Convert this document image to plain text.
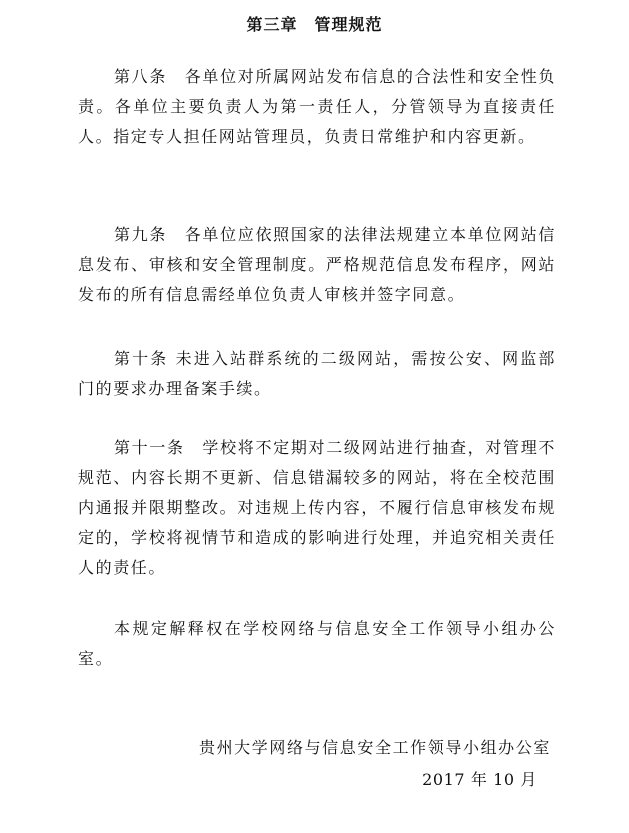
第三章　管理规范

第八条　各单位对所属网站发布信息的合法性和安全性负责。各单位主要负责人为第一责任人，分管领导为直接责任人。指定专人担任网站管理员，负责日常维护和内容更新。

第九条　各单位应依照国家的法律法规建立本单位网站信息发布、审核和安全管理制度。严格规范信息发布程序，网站发布的所有信息需经单位负责人审核并签字同意。

第十条 未进入站群系统的二级网站，需按公安、网监部门的要求办理备案手续。

第十一条　学校将不定期对二级网站进行抽查，对管理不规范、内容长期不更新、信息错漏较多的网站，将在全校范围内通报并限期整改。对违规上传内容，不履行信息审核发布规定的，学校将视情节和造成的影响进行处理，并追究相关责任人的责任。

本规定解释权在学校网络与信息安全工作领导小组办公室。

贵州大学网络与信息安全工作领导小组办公室
2017 年 10 月
